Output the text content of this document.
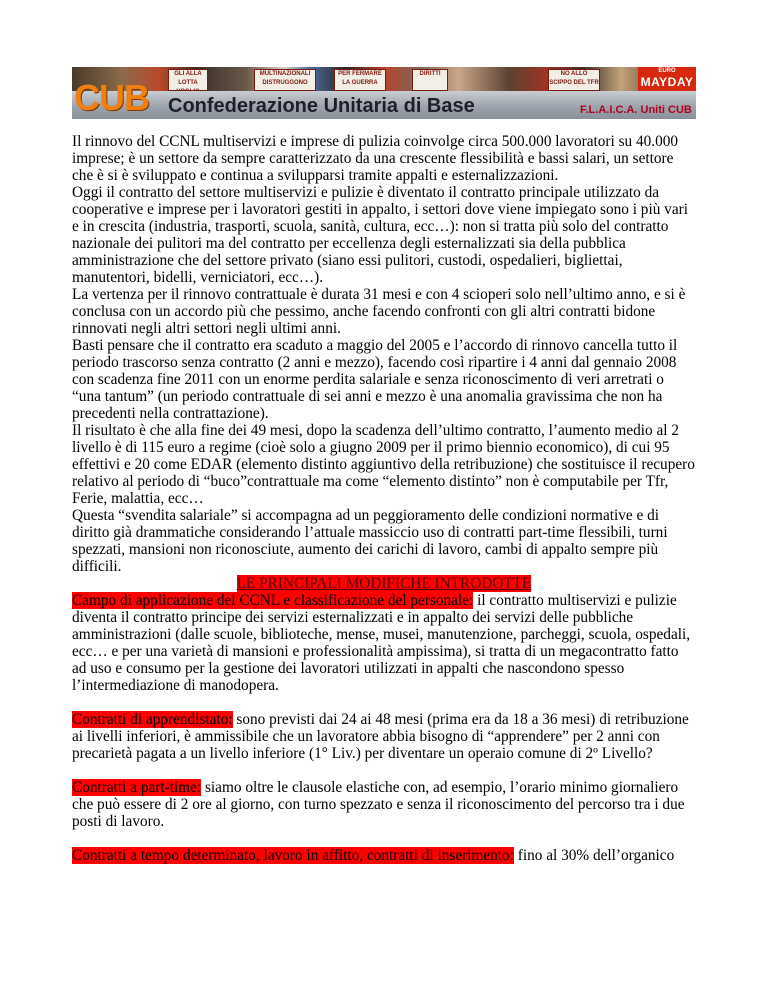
GLI ALLA LOTTA
MULTINAZIONALI DISTRUGGONO
PER FERMARE LA GUERRA
DIRITTI	NO ALLO SCIPPO DEL TFR
EURO
MAYDAY
CUB Confederazione Unitaria di Base	F.L.A.I.C.A. Uniti CUB

Il rinnovo del CCNL multiservizi e imprese di pulizia coinvolge circa 500.000 lavoratori su 40.000 imprese; è un settore da sempre caratterizzato da una crescente flessibilità e bassi salari, un settore che è si è sviluppato e continua a svilupparsi tramite appalti e esternalizzazioni.

Oggi il contratto del settore multiservizi e pulizie è diventato il contratto principale utilizzato da cooperative e imprese per i lavoratori gestiti in appalto, i settori dove viene impiegato sono i più vari e in crescita (industria, trasporti, scuola, sanità, cultura, ecc…): non si tratta più solo del contratto nazionale dei pulitori ma del contratto per eccellenza degli esternalizzati sia della pubblica amministrazione che del settore privato (siano essi pulitori, custodi, ospedalieri, bigliettai, manutentori, bidelli, verniciatori, ecc…).

La vertenza per il rinnovo contrattuale è durata 31 mesi e con 4 scioperi solo nell’ultimo anno, e si è conclusa con un accordo più che pessimo, anche facendo confronti con gli altri contratti bidone rinnovati negli altri settori negli ultimi anni.

Basti pensare che il contratto era scaduto a maggio del 2005 e l’accordo di rinnovo cancella tutto il periodo trascorso senza contratto (2 anni e mezzo), facendo così ripartire i 4 anni dal gennaio 2008 con scadenza fine 2011 con un enorme perdita salariale e senza riconoscimento di veri arretrati o “una tantum” (un periodo contrattuale di sei anni e mezzo è una anomalia gravissima che non ha precedenti nella contrattazione).

Il risultato è che alla fine dei 49 mesi, dopo la scadenza dell’ultimo contratto, l’aumento medio al 2 livello è di 115 euro a regime (cioè solo a giugno 2009 per il primo biennio economico), di cui 95 effettivi e 20 come EDAR (elemento distinto aggiuntivo della retribuzione) che sostituisce il recupero relativo al periodo di “buco”contrattuale ma come “elemento distinto” non è computabile per Tfr, Ferie, malattia, ecc…

Questa “svendita salariale” si accompagna ad un peggioramento delle condizioni normative e di diritto già drammatiche considerando l’attuale massiccio uso di contratti part-time flessibili, turni spezzati, mansioni non riconosciute, aumento dei carichi di lavoro, cambi di appalto sempre più difficili.

LE PRINCIPALI MODIFICHE INTRODOTTE

Campo di applicazione del CCNL e classificazione del personale: il contratto multiservizi e pulizie diventa il contratto principe dei servizi esternalizzati e in appalto dei servizi delle pubbliche amministrazioni (dalle scuole, biblioteche, mense, musei, manutenzione, parcheggi, scuola, ospedali, ecc… e per una varietà di mansioni e professionalità ampissima), si tratta di un megacontratto fatto ad uso e consumo per la gestione dei lavoratori utilizzati in appalti che nascondono spesso l’intermediazione di manodopera.

Contratti di apprendistato: sono previsti dai 24 ai 48 mesi (prima era da 18 a 36 mesi) di retribuzione ai livelli inferiori, è ammissibile che un lavoratore abbia bisogno di “apprendere” per 2 anni con precarietà pagata a un livello inferiore (1° Liv.) per diventare un operaio comune di 2º Livello?

Contratti a part-time: siamo oltre le clausole elastiche con, ad esempio, l’orario minimo giornaliero che può essere di 2 ore al giorno, con turno spezzato e senza il riconoscimento del percorso tra i due posti di lavoro.

Contratti a tempo determinato, lavoro in affitto, contratti di inserimento: fino al 30% dell’organico
